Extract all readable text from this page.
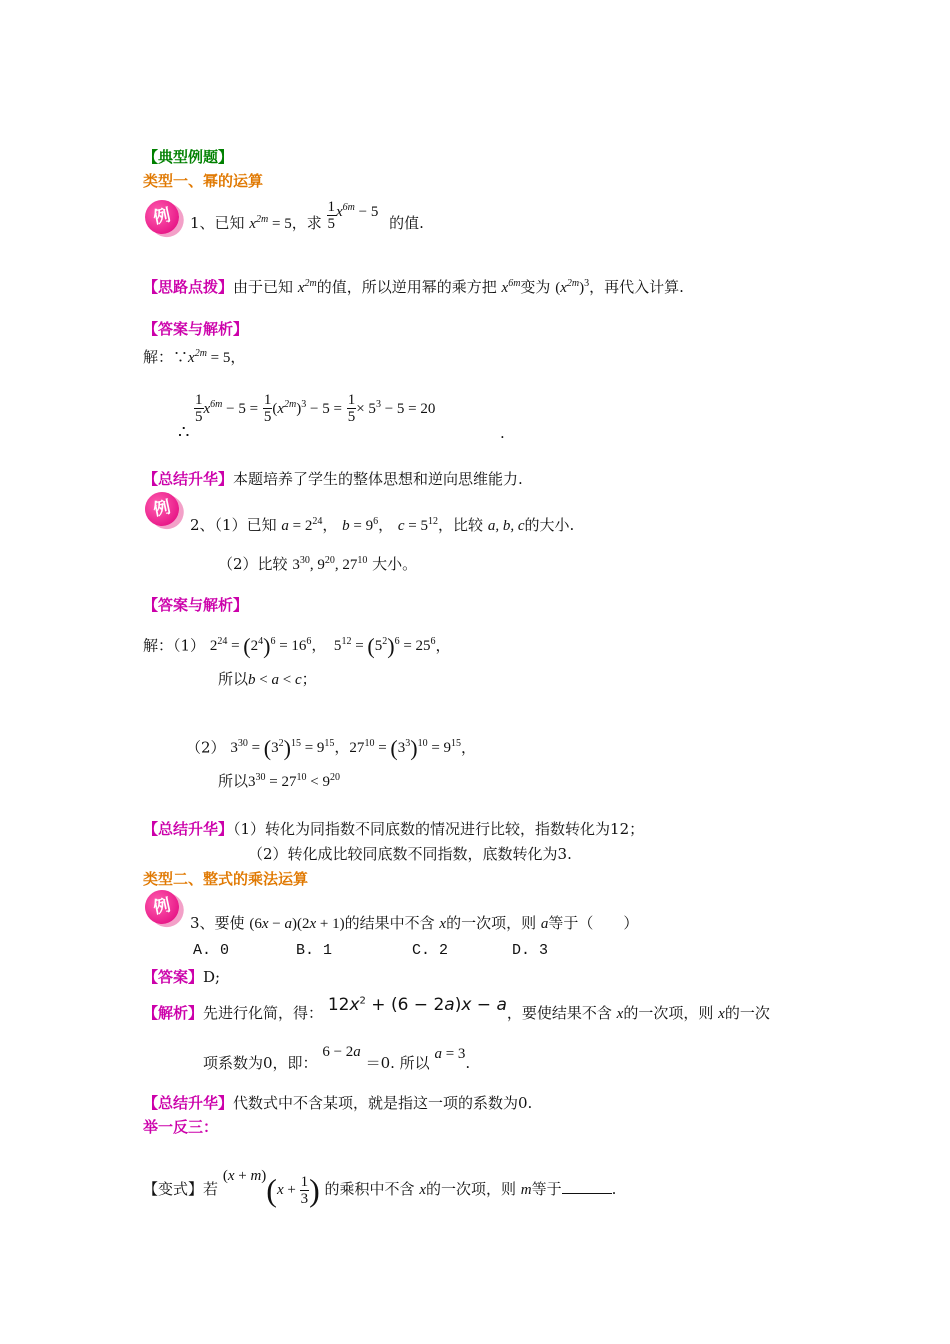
【典型例题】
类型一、幂的运算
例	1、已知 $x^{2m} = 5$，求 $\frac{1}{5} x^{6m} - 5$ 的值.
【思路点拨】由于已知 $x^{2m}$的值，所以逆用幂的乘方把 $x^{6m}$变为 $(x^{2m})^3$，再代入计算.
【答案与解析】
解：$\because x^{2m} = 5$，
∴
$\frac{1}{5} x^{6m} - 5 = \frac{1}{5} (x^{2m})^3 - 5 = \frac{1}{5} \times 5^3 - 5 = 20$
.
【总结升华】本题培养了学生的整体思想和逆向思维能力.
例
2、（1）已知 $a = 2^{24}$， $b = 9^6$， $c = 5^{12}$，比较 a, b, c的大小.
（2）比较 $3^{30}$, $9^{20}$, $27^{10}$ 大小。
【答案与解析】
解：（1） $2^{24} = (2^4)^6 = 16^6$，  $5^{12} = (5^2)^6 = 25^6$，
所以b < a < c；
（2） $3^{30} = (3^2)^{15} = 9^{15}$，$27^{10} = (3^3)^{10} = 9^{15}$，
所以$3^{30} = 27^{10} < 9^{20}$
【总结升华】（1）转化为同指数不同底数的情况进行比较，指数转化为12；
（2）转化成比较同底数不同指数，底数转化为3.
类型二、整式的乘法运算
例
3、要使 (6x − a)(2x + 1)的结果中不含 x的一次项，则 a等于（　　）
A. 0	B. 1	C. 2	D. 3
【答案】D;
【解析】先进行化简，得： $12x^2 + (6 - 2a)x - a$，要使结果不含 x的一次项，则 x的一次
项系数为0，即： 6 − 2a ＝0. 所以 a = 3.
【总结升华】代数式中不含某项，就是指这一项的系数为0.
举一反三：
【变式】若 $(x + m)(x + \frac{1}{3}$ ) 的乘积中不含 x的一次项，则 m等于	.
